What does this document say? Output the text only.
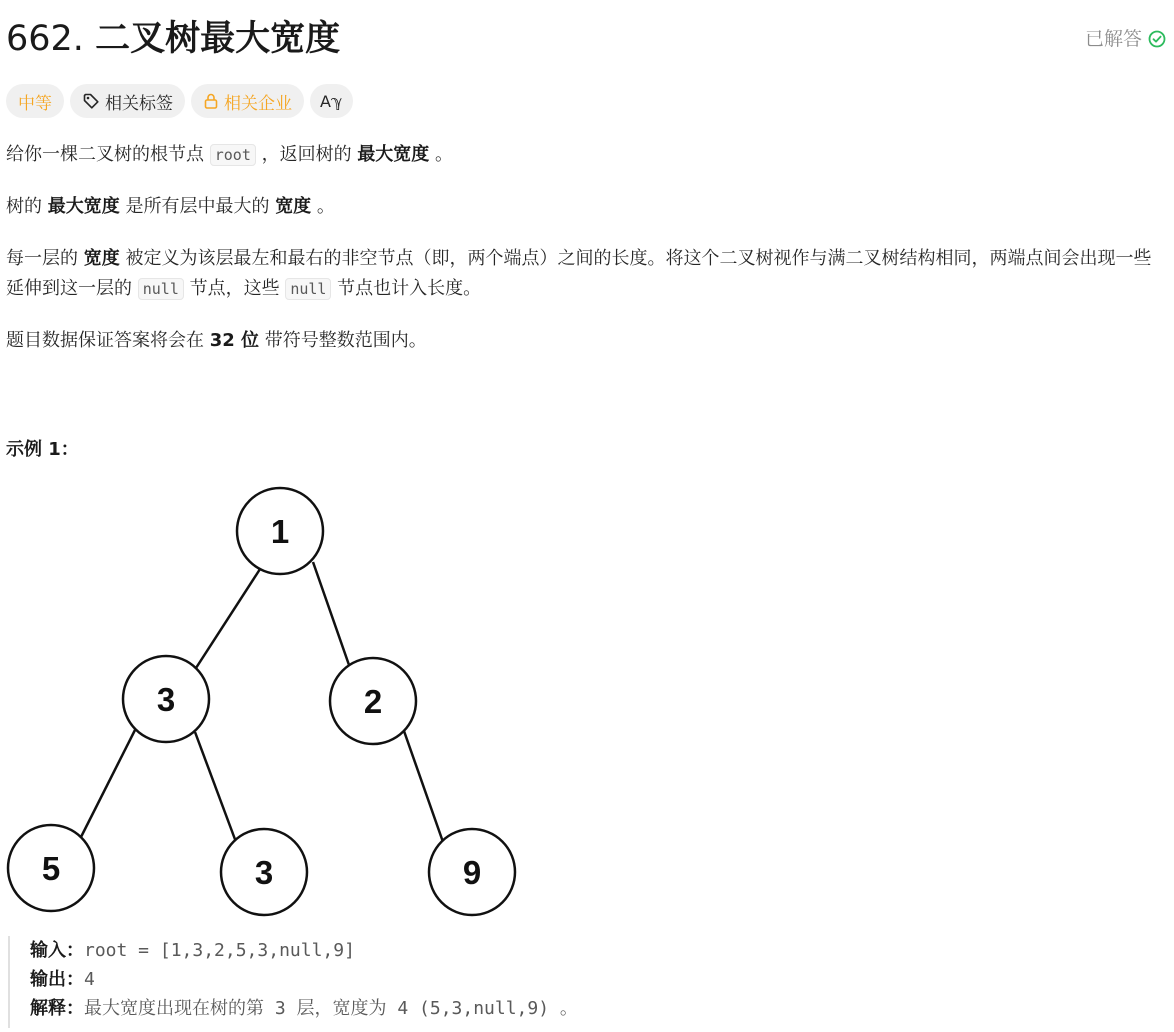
662. 二叉树最大宽度	已解答
中等	相关标签	相关企业 Aℽ

给你一棵二叉树的根节点 root ，返回树的 最大宽度 。

树的 最大宽度 是所有层中最大的 宽度 。

每一层的 宽度 被定义为该层最左和最右的非空节点（即，两个端点）之间的长度。将这个二叉树视作与满二叉树结构相同，两端点间会出现一些延伸到这一层的 null 节点，这些 null 节点也计入长度。

题目数据保证答案将会在 32 位 带符号整数范围内。

示例 1：
1
3	2
5	3	9
输入：root = [1,3,2,5,3,null,9]
输出：4
解释：最大宽度出现在树的第 3 层，宽度为 4 (5,3,null,9) 。
